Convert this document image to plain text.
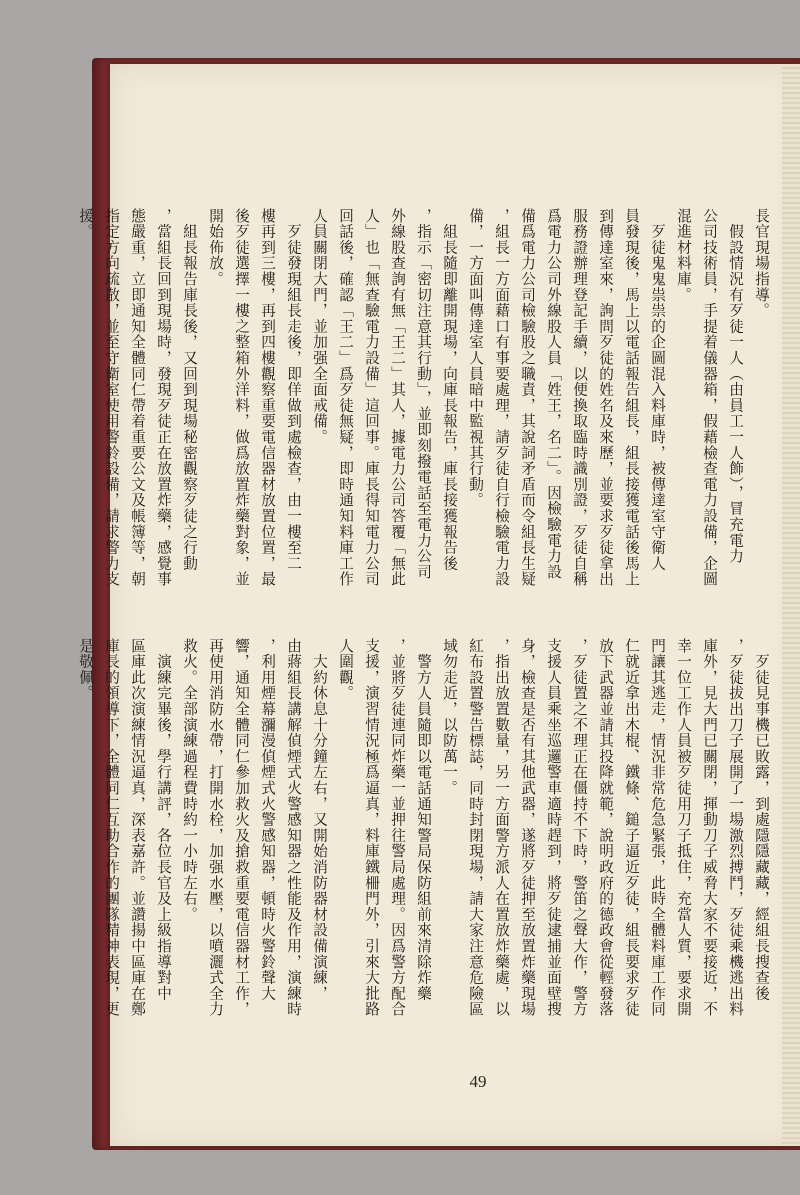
長官現場指導。
　假設情況有歹徒一人（由員工一人飾），冒充電力
公司技術員，手提着儀器箱，假藉檢查電力設備，企圖
混進材料庫。
　歹徒鬼鬼祟祟的企圖混入料庫時，被傳達室守衛人
員發現後，馬上以電話報告組長，組長接獲電話後馬上
到傳達室來，詢問歹徒的姓名及來歷，並要求歹徒拿出
服務證辦理登記手續，以便換取臨時識別證，歹徒自稱
爲電力公司外線股人員「姓王，名二」。因檢驗電力設
備爲電力公司檢驗股之職責，其說詞矛盾而令組長生疑
，組長一方面藉口有事要處理，請歹徒自行檢驗電力設
備，一方面叫傳達室人員暗中監視其行動。
　組長隨即離開現場，向庫長報告，庫長接獲報告後
，指示「密切注意其行動」，並即刻撥電話至電力公司
外線股查詢有無「王二」其人，據電力公司答覆「無此
人」也「無查驗電力設備」這回事。庫長得知電力公司
回話後，確認「王二」爲歹徒無疑，即時通知料庫工作
人員關閉大門，並加强全面戒備。
　歹徒發現組長走後，即佯做到處檢查，由一樓至二
樓再到三樓，再到四樓觀察重要電信器材放置位置，最
後歹徒選擇一樓之整箱外洋料，做爲放置炸藥對象，並
開始佈放。
　組長報告庫長後，又回到現場秘密觀察歹徒之行動
，當組長回到現場時，發現歹徒正在放置炸藥，感覺事
態嚴重，立即通知全體同仁帶着重要公文及帳簿等，朝
指定方向疏散，並至守衛室使用警鈴設備，請求警力支
援。
　歹徒見事機已敗露，到處隱隱藏藏，經組長搜查後
，歹徒拔出刀子展開了一場激烈搏鬥，歹徒乘機逃出料
庫外，見大門已關閉，揮動刀子威脅大家不要接近，不
幸一位工作人員被歹徒用刀子抵住，充當人質，要求開
門讓其逃走，情況非常危急緊張，此時全體料庫工作同
仁就近拿出木棍、鐵條、鎚子逼近歹徒，組長要求歹徒
放下武器並請其投降就範，說明政府的德政會從輕發落
，歹徒置之不理正在僵持不下時，警笛之聲大作，警方
支援人員乘坐巡邏警車適時趕到，將歹徒逮捕並面壁搜
身，檢查是否有其他武器，遂將歹徒押至放置炸藥現場
，指出放置數量，另一方面警方派人在置放炸藥處，以
紅布設置警告標誌，同時封閉現場，請大家注意危險區
域勿走近，以防萬一。
　警方人員隨即以電話通知警局保防組前來清除炸藥
，並將歹徒連同炸藥一並押往警局處理。因爲警方配合
支援，演習情況極爲逼真，料庫鐵柵門外，引來大批路
人圍觀。
　大約休息十分鐘左右，又開始消防器材設備演練，
由蔣組長講解偵煙式火警感知器之性能及作用，演練時
，利用煙幕瀰漫偵煙式火警感知器，頓時火警鈴聲大
響，通知全體同仁參加救火及搶救重要電信器材工作，
再使用消防水帶，打開水栓，加强水壓，以噴灑式全力
救火。全部演練過程費時約一小時左右。
　演練完畢後，學行講評，各位長官及上級指導對中
區庫此次演練情況逼真，深表嘉許。並讚揚中區庫在鄭
庫長的領導下，全體同仁互助合作的團隊精神表現，更
是敬佩。
49
